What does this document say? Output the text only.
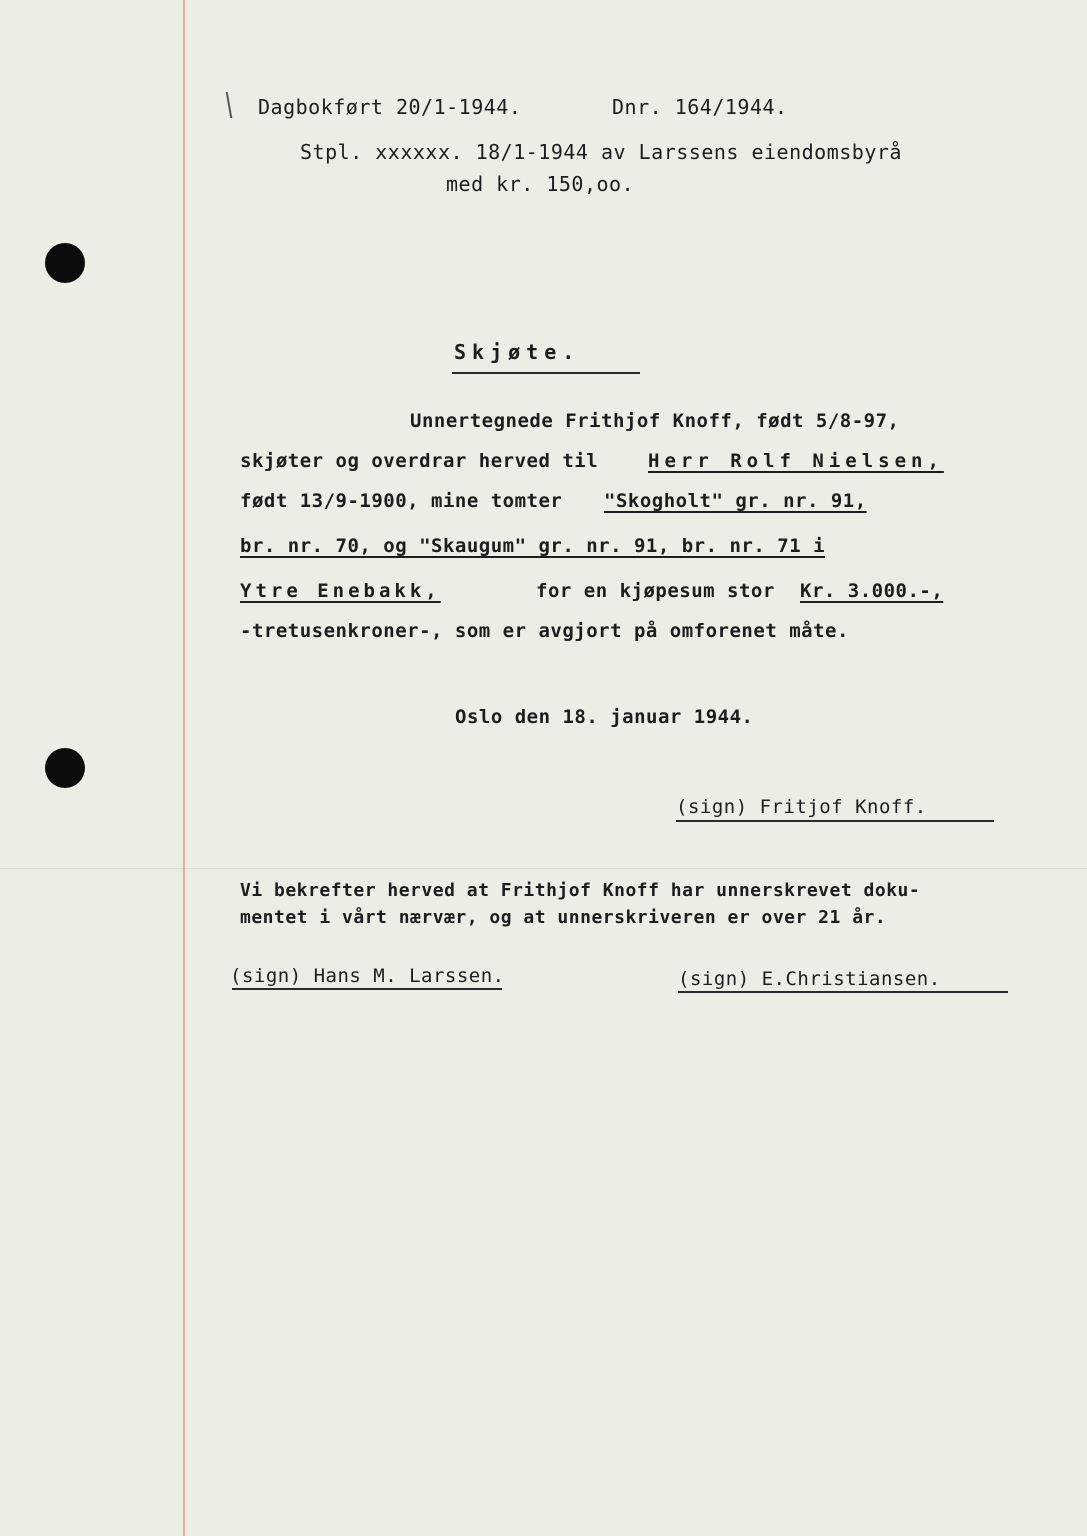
Dagbokført 20/1-1944.	Dnr. 164/1944.
Stpl. xxxxxx. 18/1-1944 av Larssens eiendomsbyrå
med kr. 150,oo.
Skjøte.
Unnertegnede Frithjof Knoff, født 5/8-97,
skjøter og overdrar herved til	Herr Rolf Nielsen,
født 13/9-1900, mine tomter "Skogholt" gr. nr. 91,
br. nr. 70, og "Skaugum" gr. nr. 91, br. nr. 71 i
Ytre Enebakk,	for en kjøpesum stor Kr. 3.000.-,
-tretusenkroner-, som er avgjort på omforenet måte.
Oslo den 18. januar 1944.
(sign) Fritjof Knoff.
Vi bekrefter herved at Frithjof Knoff har unnerskrevet doku-
mentet i vårt nærvær, og at unnerskriveren er over 21 år.
(sign) Hans M. Larssen.	(sign) E.Christiansen.
